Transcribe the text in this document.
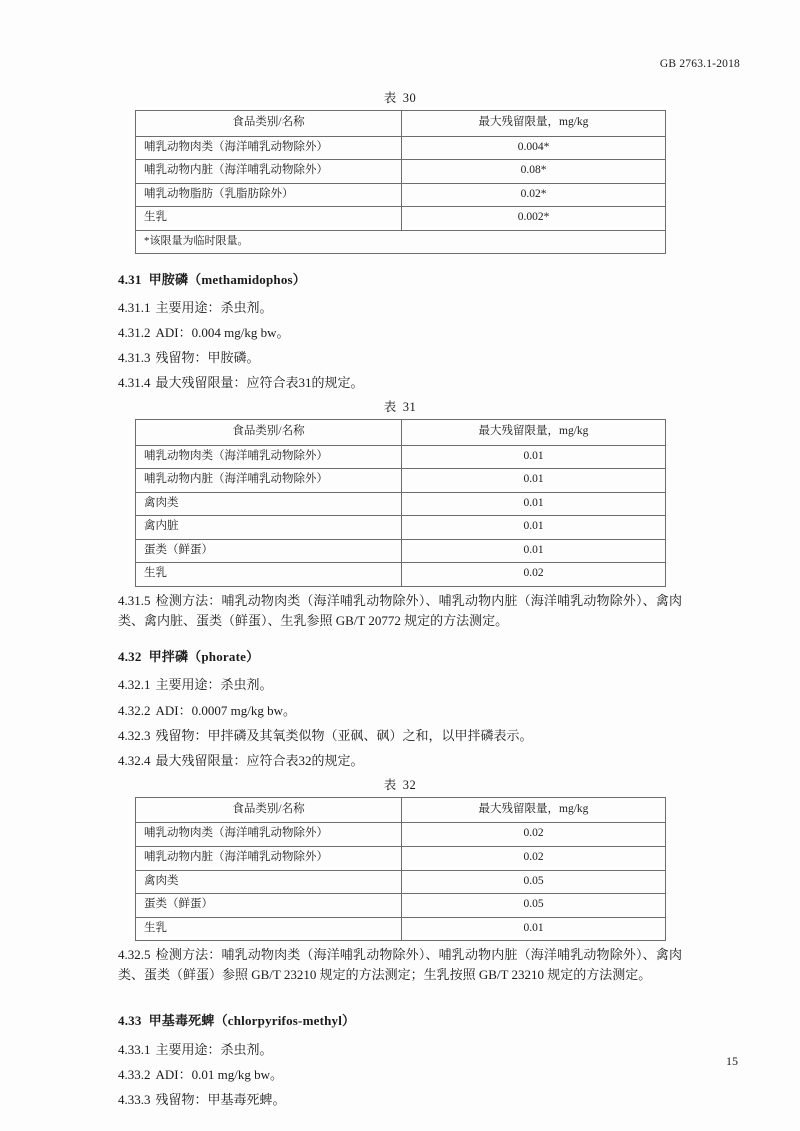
GB 2763.1-2018
表 30
食品类别/名称	最大残留限量，mg/kg
哺乳动物肉类（海洋哺乳动物除外）	0.004*
哺乳动物内脏（海洋哺乳动物除外）	0.08*
哺乳动物脂肪（乳脂肪除外）	0.02*
生乳	0.002*
*该限量为临时限量。	
4.31 甲胺磷（methamidophos）

4.31.1 主要用途：杀虫剂。

4.31.2 ADI：0.004 mg/kg bw。

4.31.3 残留物：甲胺磷。

4.31.4 最大残留限量：应符合表31的规定。

表 31
食品类别/名称	最大残留限量，mg/kg
哺乳动物肉类（海洋哺乳动物除外）	0.01
哺乳动物内脏（海洋哺乳动物除外）	0.01
禽肉类	0.01
禽内脏	0.01
蛋类（鲜蛋）	0.01
生乳	0.02

4.31.5 检测方法：哺乳动物肉类（海洋哺乳动物除外）、哺乳动物内脏（海洋哺乳动物除外）、禽肉类、禽内脏、蛋类（鲜蛋）、生乳参照 GB/T 20772 规定的方法测定。

4.32 甲拌磷（phorate）

4.32.1 主要用途：杀虫剂。

4.32.2 ADI：0.0007 mg/kg bw。

4.32.3 残留物：甲拌磷及其氧类似物（亚砜、砜）之和，以甲拌磷表示。

4.32.4 最大残留限量：应符合表32的规定。

表 32
食品类别/名称	最大残留限量，mg/kg
哺乳动物肉类（海洋哺乳动物除外）	0.02
哺乳动物内脏（海洋哺乳动物除外）	0.02
禽肉类	0.05
蛋类（鲜蛋）	0.05
生乳	0.01

4.32.5 检测方法：哺乳动物肉类（海洋哺乳动物除外）、哺乳动物内脏（海洋哺乳动物除外）、禽肉类、蛋类（鲜蛋）参照 GB/T 23210 规定的方法测定；生乳按照 GB/T 23210 规定的方法测定。

4.33 甲基毒死蜱（chlorpyrifos-methyl）

4.33.1 主要用途：杀虫剂。

4.33.2 ADI：0.01 mg/kg bw。

4.33.3 残留物：甲基毒死蜱。

15
